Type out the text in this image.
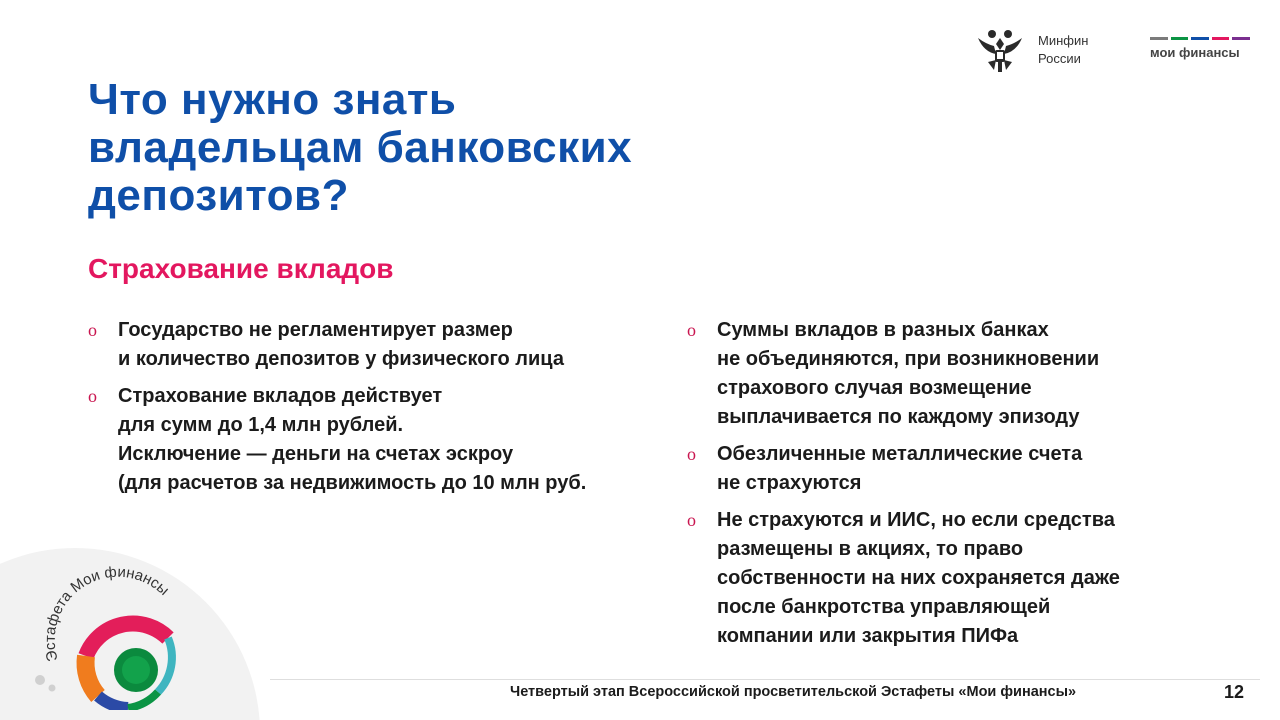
Минфин
России	мои финансы
Что нужно знать
владельцам банковских
депозитов?
Страхование вкладов
o	Государство не регламентирует размер
и количество депозитов у физического лица
o	Страхование вкладов действует
для сумм до 1,4 млн рублей.
Исключение — деньги на счетах эскроу
(для расчетов за недвижимость до 10 млн руб.
o	Суммы вкладов в разных банках
не объединяются, при возникновении
страхового случая возмещение
выплачивается по каждому эпизоду
o	Обезличенные металлические счета
не страхуются
o	Не страхуются и ИИС, но если средства
размещены в акциях, то право
собственности на них сохраняется даже
после банкротства управляющей
компании или закрытия ПИФа
Эстафета Мои финансы
Четвертый этап Всероссийской просветительской Эстафеты «Мои финансы»	12
